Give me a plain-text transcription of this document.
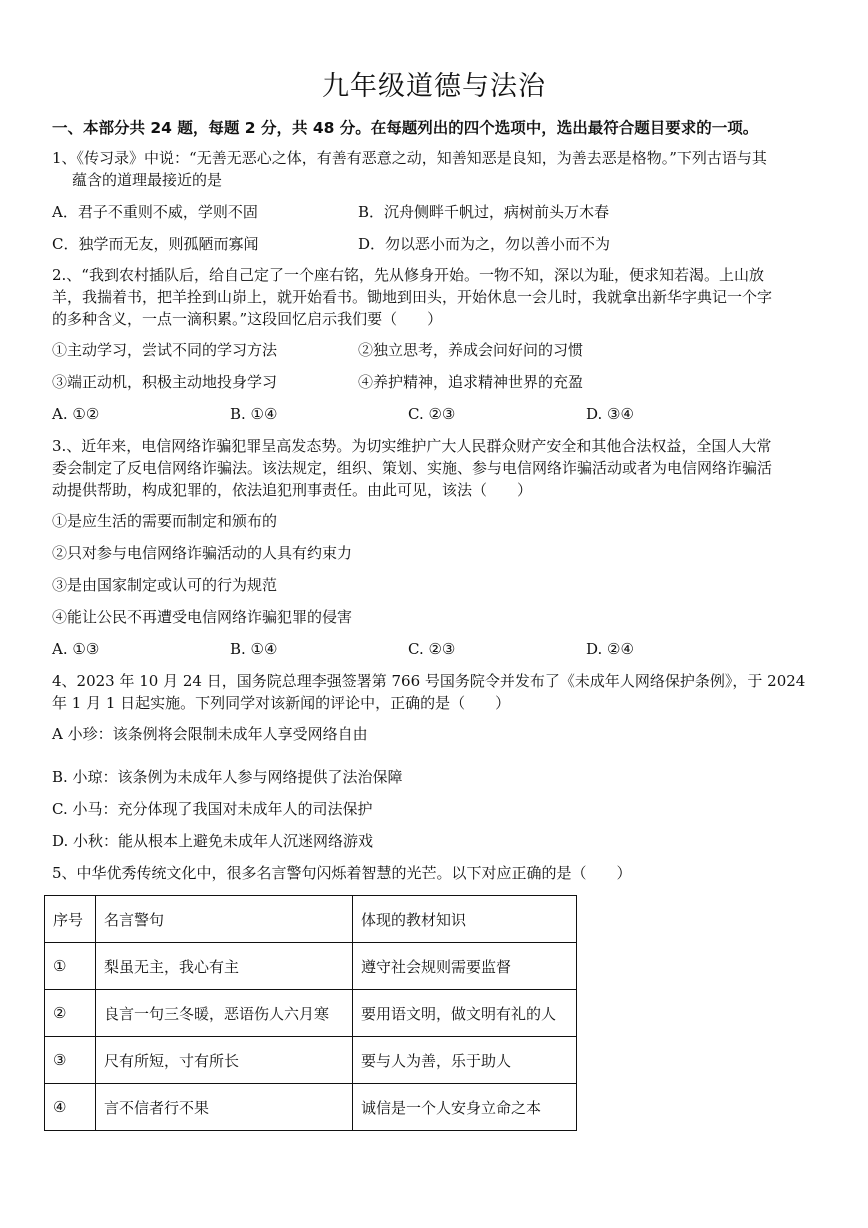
九年级道德与法治
一、本部分共 24 题，每题 2 分，共 48 分。在每题列出的四个选项中，选出最符合题目要求的一项。
1、《传习录》中说：“无善无恶心之体，有善有恶意之动，知善知恶是良知，为善去恶是格物。”下列古语与其
蕴含的道理最接近的是
A．君子不重则不威，学则不固	B．沉舟侧畔千帆过，病树前头万木春
C．独学而无友，则孤陋而寡闻	D．勿以恶小而为之，勿以善小而不为
2.、“我到农村插队后，给自己定了一个座右铭，先从修身开始。一物不知，深以为耻，便求知若渴。上山放
羊，我揣着书，把羊拴到山峁上，就开始看书。锄地到田头，开始休息一会儿时，我就拿出新华字典记一个字
的多种含义，一点一滴积累。”这段回忆启示我们要（　　）
①主动学习，尝试不同的学习方法	②独立思考，养成会问好问的习惯
③端正动机，积极主动地投身学习	④养护精神，追求精神世界的充盈
A. ①②	B. ①④	C. ②③	D. ③④
3.、近年来，电信网络诈骗犯罪呈高发态势。为切实维护广大人民群众财产安全和其他合法权益，全国人大常
委会制定了反电信网络诈骗法。该法规定，组织、策划、实施、参与电信网络诈骗活动或者为电信网络诈骗活
动提供帮助，构成犯罪的，依法追犯刑事责任。由此可见，该法（　　）
①是应生活的需要而制定和颁布的
②只对参与电信网络诈骗活动的人具有约束力
③是由国家制定或认可的行为规范
④能让公民不再遭受电信网络诈骗犯罪的侵害
A. ①③	B. ①④	C. ②③	D. ②④
4、2023 年 10 月 24 日，国务院总理李强签署第 766 号国务院令并发布了《未成年人网络保护条例》，于 2024
年 1 月 1 日起实施。下列同学对该新闻的评论中，正确的是（　　）
A 小珍：该条例将会限制未成年人享受网络自由
B. 小琼：该条例为未成年人参与网络提供了法治保障
C. 小马：充分体现了我国对未成年人的司法保护
D. 小秋：能从根本上避免未成年人沉迷网络游戏
5、中华优秀传统文化中，很多名言警句闪烁着智慧的光芒。以下对应正确的是（　　）
序号	名言警句	体现的教材知识
①	梨虽无主，我心有主	遵守社会规则需要监督
②	良言一句三冬暖，恶语伤人六月寒	要用语文明，做文明有礼的人
③	尺有所短，寸有所长	要与人为善，乐于助人
④	言不信者行不果	诚信是一个人安身立命之本
